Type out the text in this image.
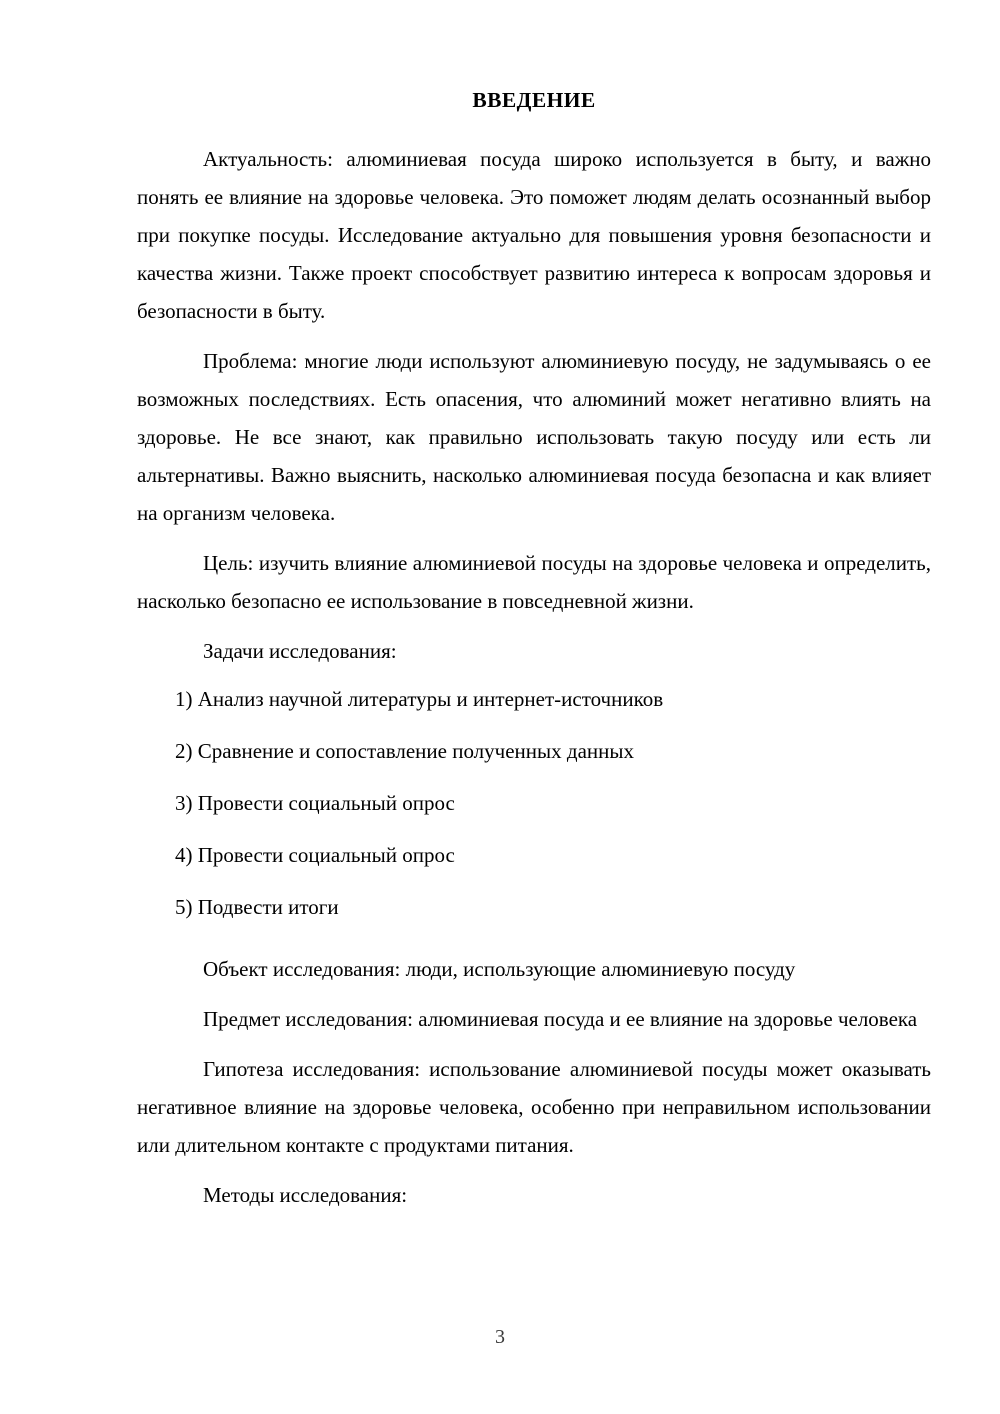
ВВЕДЕНИЕ

Актуальность: алюминиевая посуда широко используется в быту, и важно понять ее влияние на здоровье человека. Это поможет людям делать осознанный выбор при покупке посуды. Исследование актуально для повышения уровня безопасности и качества жизни. Также проект способствует развитию интереса к вопросам здоровья и безопасности в быту.

Проблема: многие люди используют алюминиевую посуду, не задумываясь о ее возможных последствиях. Есть опасения, что алюминий может негативно влиять на здоровье. Не все знают, как правильно использовать такую посуду или есть ли альтернативы. Важно выяснить, насколько алюминиевая посуда безопасна и как влияет на организм человека.

Цель: изучить влияние алюминиевой посуды на здоровье человека и определить, насколько безопасно ее использование в повседневной жизни.

Задачи исследования:

1) Анализ научной литературы и интернет-источников
2) Сравнение и сопоставление полученных данных
3) Провести социальный опрос
4) Провести социальный опрос
5) Подвести итоги

Объект исследования: люди, использующие алюминиевую посуду

Предмет исследования: алюминиевая посуда и ее влияние на здоровье человека

Гипотеза исследования: использование алюминиевой посуды может оказывать негативное влияние на здоровье человека, особенно при неправильном использовании или длительном контакте с продуктами питания.

Методы исследования:

3
